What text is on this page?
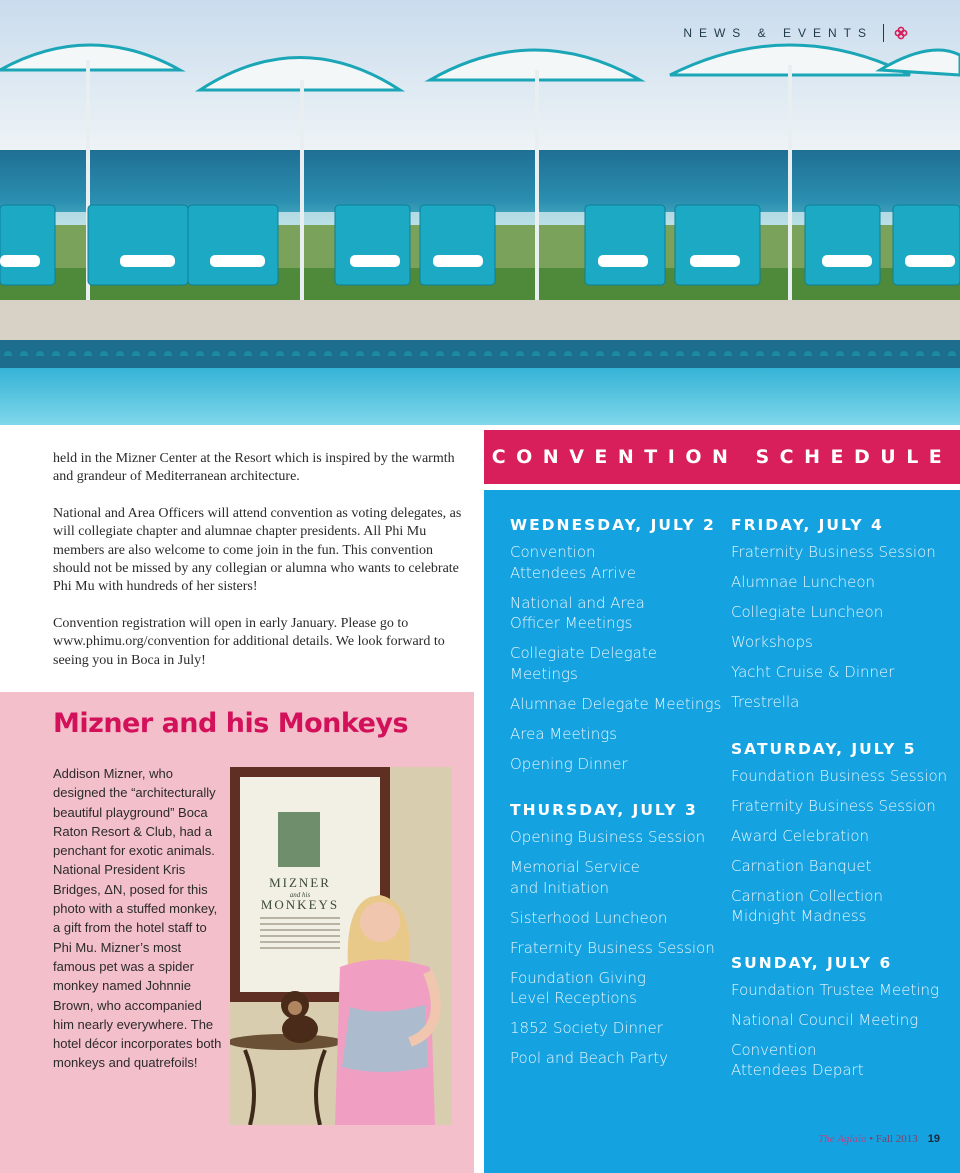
NEWS & EVENTS

held in the Mizner Center at the Resort which is inspired by the warmth and grandeur of Mediterranean architecture.

National and Area Officers will attend convention as voting delegates, as will collegiate chapter and alumnae chapter presidents. All Phi Mu members are also welcome to come join in the fun. This convention should not be missed by any collegian or alumna who wants to celebrate Phi Mu with hundreds of her sisters!

Convention registration will open in early January. Please go to www.phimu.org/convention for additional details. We look forward to seeing you in Boca in July!

Mizner and his Monkeys
Addison Mizner, who designed the “architecturally beautiful playground” Boca Raton Resort & Club, had a penchant for exotic animals. National President Kris Bridges, ΔN, posed for this photo with a stuffed monkey, a gift from the hotel staff to Phi Mu. Mizner’s most famous pet was a spider monkey named Johnnie Brown, who accompanied him nearly everywhere. The hotel décor incorporates both monkeys and quatrefoils!
MIZNER
and his
MONKEYS
CONVENTION SCHEDULE
WEDNESDAY, JULY 2
Convention
Attendees Arrive
National and Area
Officer Meetings
Collegiate Delegate
Meetings
Alumnae Delegate Meetings
Area Meetings
Opening Dinner
THURSDAY, JULY 3
Opening Business Session
Memorial Service
and Initiation
Sisterhood Luncheon
Fraternity Business Session
Foundation Giving
Level Receptions
1852 Society Dinner
Pool and Beach Party
FRIDAY, JULY 4
Fraternity Business Session
Alumnae Luncheon
Collegiate Luncheon
Workshops
Yacht Cruise & Dinner
Trestrella
SATURDAY, JULY 5
Foundation Business Session
Fraternity Business Session
Award Celebration
Carnation Banquet
Carnation Collection
Midnight Madness
SUNDAY, JULY 6
Foundation Trustee Meeting
National Council Meeting
Convention
Attendees Depart
The Aglaia • Fall 2013 19
